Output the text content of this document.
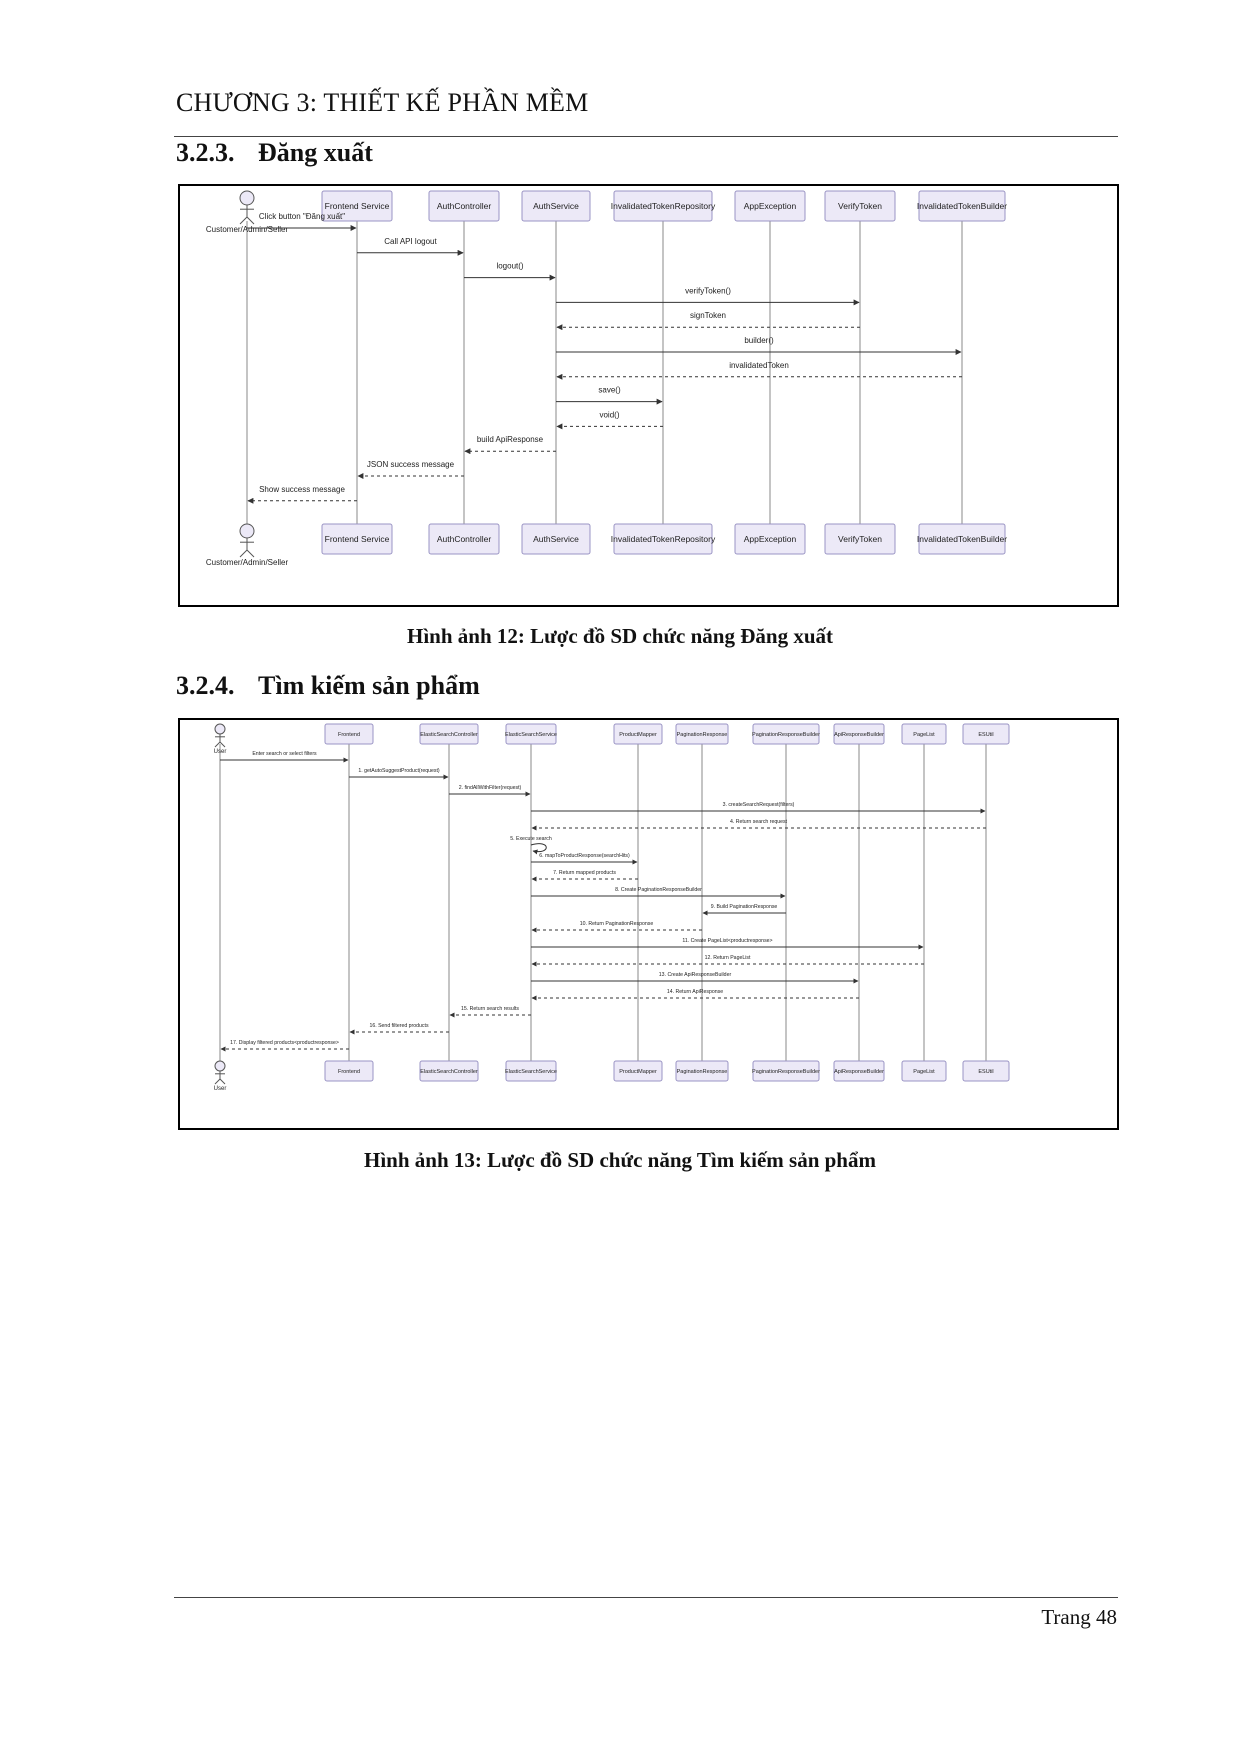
CHƯƠNG 3: THIẾT KẾ PHẦN MỀM
3.2.3. Đăng xuất
Customer/Admin/Seller
Customer/Admin/Seller
Frontend Service
Frontend Service
AuthController
AuthController
AuthService
AuthService
InvalidatedTokenRepository
InvalidatedTokenRepository
AppException
AppException
VerifyToken
VerifyToken
InvalidatedTokenBuilder
InvalidatedTokenBuilder
Click button "Đăng xuất"
Call API logout
logout()
verifyToken()
signToken
builder()
invalidatedToken
save()
void()
build ApiResponse
JSON success message
Show success message
Hình ảnh 12: Lược đồ SD chức năng Đăng xuất
3.2.4. Tìm kiếm sản phẩm
User
User
Frontend
Frontend
ElasticSearchController
ElasticSearchController
ElasticSearchService
ElasticSearchService
ProductMapper
ProductMapper
PaginationResponse
PaginationResponse
PaginationResponseBuilder
PaginationResponseBuilder
ApiResponseBuilder
ApiResponseBuilder
PageList
PageList
ESUtil
ESUtil
Enter search or select filters
1. getAutoSuggestProduct(request)
2. findAllWithFilter(request)
3. createSearchRequest(filters)
4. Return search request
5. Execute search
6. mapToProductResponse(searchHits)
7. Return mapped products
8. Create PaginationResponseBuilder
9. Build PaginationResponse
10. Return PaginationResponse
11. Create PageList<productresponse>
12. Return PageList
13. Create ApiResponseBuilder
14. Return ApiResponse
15. Return search results
16. Send filtered products
17. Display filtered products<productresponse>
Hình ảnh 13: Lược đồ SD chức năng Tìm kiếm sản phẩm
Trang 48
